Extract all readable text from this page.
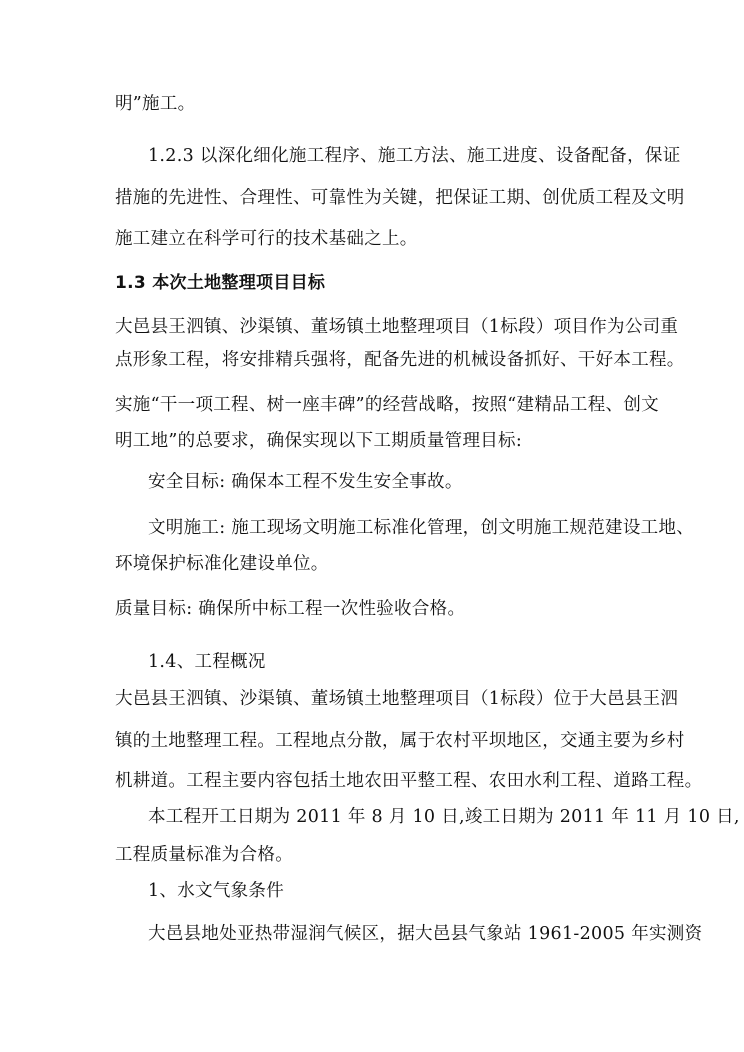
明”施工。
1.2.3 以深化细化施工程序、施工方法、施工进度、设备配备，保证
措施的先进性、合理性、可靠性为关键，把保证工期、创优质工程及文明
施工建立在科学可行的技术基础之上。
1.3 本次土地整理项目目标
大邑县王泗镇、沙渠镇、董场镇土地整理项目（1标段）项目作为公司重
点形象工程，将安排精兵强将，配备先进的机械设备抓好、干好本工程。
实施“干一项工程、树一座丰碑”的经营战略，按照“建精品工程、创文
明工地”的总要求，确保实现以下工期质量管理目标:
安全目标: 确保本工程不发生安全事故。
文明施工: 施工现场文明施工标准化管理，创文明施工规范建设工地、
环境保护标准化建设单位。
质量目标: 确保所中标工程一次性验收合格。
1.4、工程概况
大邑县王泗镇、沙渠镇、董场镇土地整理项目（1标段）位于大邑县王泗
镇的土地整理工程。工程地点分散，属于农村平坝地区，交通主要为乡村
机耕道。工程主要内容包括土地农田平整工程、农田水利工程、道路工程。
本工程开工日期为 2011 年 8 月 10 日,竣工日期为 2011 年 11 月 10 日,
工程质量标准为合格。
1、水文气象条件
大邑县地处亚热带湿润气候区，据大邑县气象站 1961-2005 年实测资
